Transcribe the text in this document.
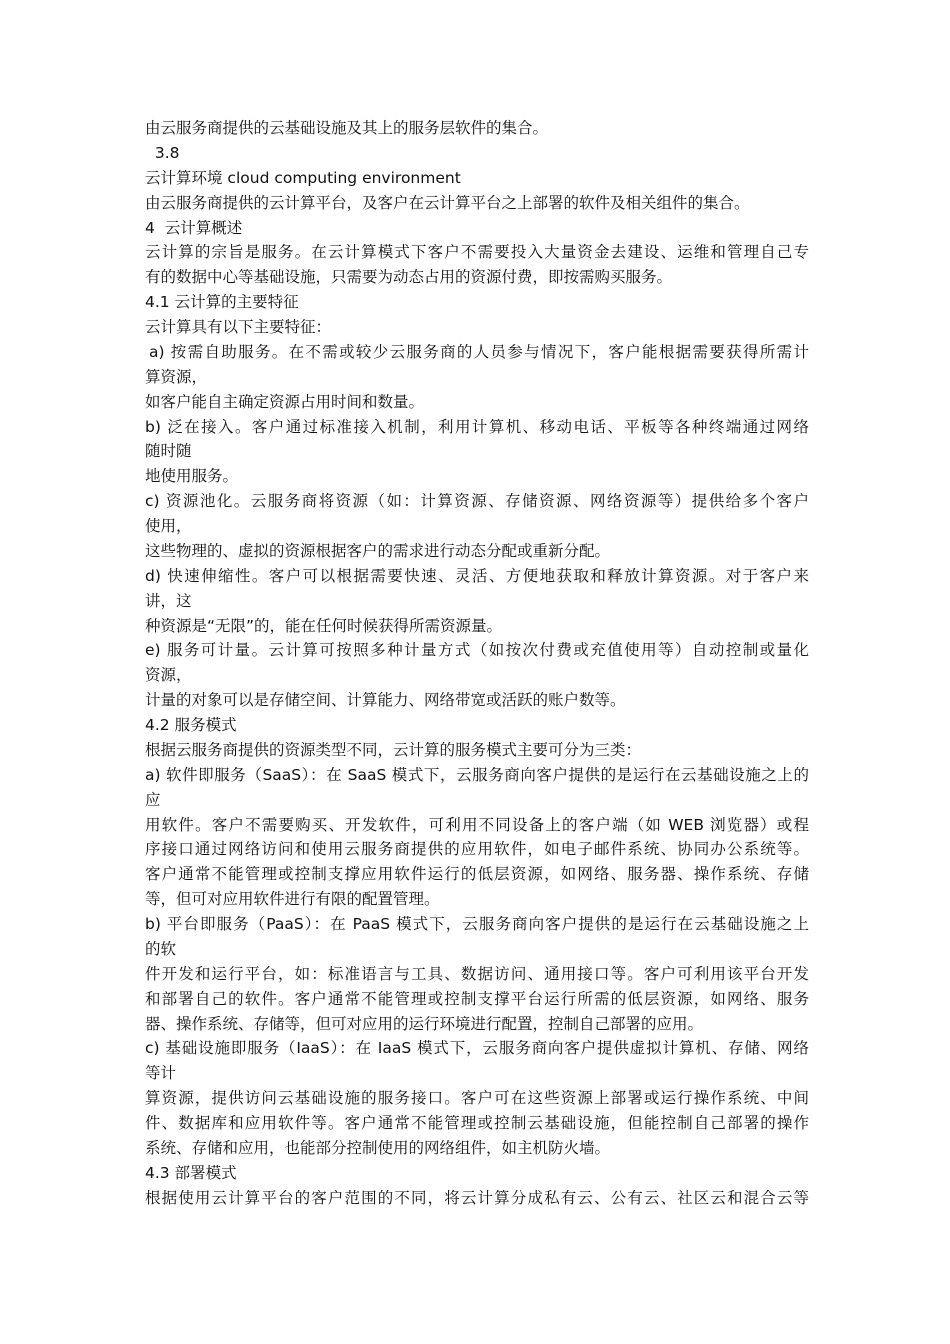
由云服务商提供的云基础设施及其上的服务层软件的集合。
3.8
云计算环境 cloud computing environment
由云服务商提供的云计算平台，及客户在云计算平台之上部署的软件及相关组件的集合。
4  云计算概述
云计算的宗旨是服务。在云计算模式下客户不需要投入大量资金去建设、运维和管理自己专
有的数据中心等基础设施，只需要为动态占用的资源付费，即按需购买服务。
4.1 云计算的主要特征
云计算具有以下主要特征：
a) 按需自助服务。在不需或较少云服务商的人员参与情况下，客户能根据需要获得所需计
算资源，
如客户能自主确定资源占用时间和数量。
b) 泛在接入。客户通过标准接入机制，利用计算机、移动电话、平板等各种终端通过网络
随时随
地使用服务。
c) 资源池化。云服务商将资源（如：计算资源、存储资源、网络资源等）提供给多个客户
使用，
这些物理的、虚拟的资源根据客户的需求进行动态分配或重新分配。
d) 快速伸缩性。客户可以根据需要快速、灵活、方便地获取和释放计算资源。对于客户来
讲，这
种资源是“无限”的，能在任何时候获得所需资源量。
e) 服务可计量。云计算可按照多种计量方式（如按次付费或充值使用等）自动控制或量化
资源，
计量的对象可以是存储空间、计算能力、网络带宽或活跃的账户数等。
4.2 服务模式
根据云服务商提供的资源类型不同，云计算的服务模式主要可分为三类：
a) 软件即服务（SaaS）：在 SaaS 模式下，云服务商向客户提供的是运行在云基础设施之上的
应
用软件。客户不需要购买、开发软件，可利用不同设备上的客户端（如 WEB 浏览器）或程
序接口通过网络访问和使用云服务商提供的应用软件，如电子邮件系统、协同办公系统等。
客户通常不能管理或控制支撑应用软件运行的低层资源，如网络、服务器、操作系统、存储
等，但可对应用软件进行有限的配置管理。
b) 平台即服务（PaaS）：在 PaaS 模式下，云服务商向客户提供的是运行在云基础设施之上
的软
件开发和运行平台，如：标准语言与工具、数据访问、通用接口等。客户可利用该平台开发
和部署自己的软件。客户通常不能管理或控制支撑平台运行所需的低层资源，如网络、服务
器、操作系统、存储等，但可对应用的运行环境进行配置，控制自己部署的应用。
c) 基础设施即服务（IaaS）：在 IaaS 模式下，云服务商向客户提供虚拟计算机、存储、网络
等计
算资源，提供访问云基础设施的服务接口。客户可在这些资源上部署或运行操作系统、中间
件、数据库和应用软件等。客户通常不能管理或控制云基础设施，但能控制自己部署的操作
系统、存储和应用，也能部分控制使用的网络组件，如主机防火墙。
4.3 部署模式
根据使用云计算平台的客户范围的不同，将云计算分成私有云、公有云、社区云和混合云等
